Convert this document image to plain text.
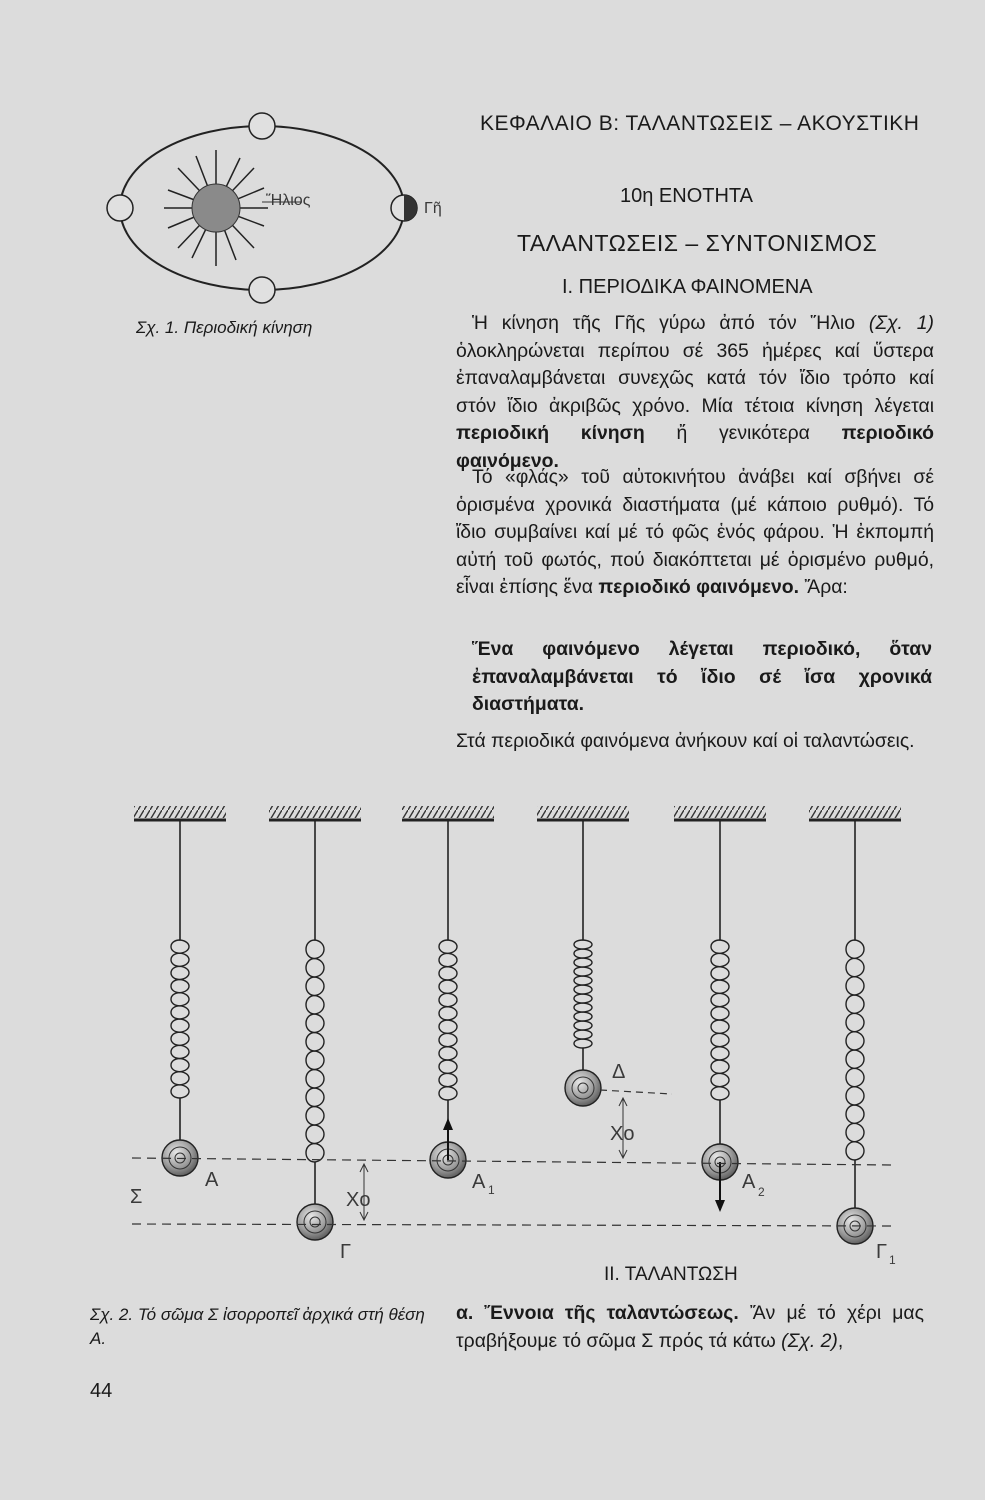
ΚΕΦΑΛΑΙΟ Β: ΤΑΛΑΝΤΩΣΕΙΣ – ΑΚΟΥΣΤΙΚΗ
10η ΕΝΟΤΗΤΑ
ΤΑΛΑΝΤΩΣΕΙΣ – ΣΥΝΤΟΝΙΣΜΟΣ
Ι. ΠΕΡΙΟΔΙΚΑ ΦΑΙΝΟΜΕΝΑ

Ἡ κίνηση τῆς Γῆς γύρω ἀπό τόν Ἥλιο (Σχ. 1) ὁλοκληρώνεται περίπου σέ 365 ἡμέρες καί ὕστερα ἐπαναλαμβάνεται συνεχῶς κατά τόν ἴδιο τρόπο καί στόν ἴδιο ἀκριβῶς χρόνο. Μία τέτοια κίνηση λέγεται περιοδική κίνηση ἤ γενικότερα περιοδικό φαινόμενο.

Τό «φλάς» τοῦ αὐτοκινήτου ἀνάβει καί σβήνει σέ ὁρισμένα χρονικά διαστήματα (μέ κάποιο ρυθμό). Τό ἴδιο συμβαίνει καί μέ τό φῶς ἑνός φάρου. Ἡ ἐκπομπή αὐτή τοῦ φωτός, πού διακόπτεται μέ ὁρισμένο ρυθμό, εἶναι ἐπίσης ἕνα περιοδικό φαινόμενο. Ἄρα:

Ἕνα φαινόμενο λέγεται περιοδικό, ὅταν ἐπαναλαμβάνεται τό ἴδιο σέ ἴσα χρονικά διαστήματα.

Στά περιοδικά φαινόμενα ἀνήκουν καί οἱ ταλαντώσεις.

Σχ. 1. Περιοδική κίνηση
Σχ. 2. Τό σῶμα Σ ἰσορροπεῖ ἀρχικά στή θέση Α.
ΙΙ. ΤΑΛΑΝΤΩΣΗ
α. Ἔννοια τῆς ταλαντώσεως. Ἄν μέ τό χέρι μας τραβήξουμε τό σῶμα Σ πρός τά κάτω (Σχ. 2),
44
Ἥλιος	Γῆ
Σ
Α
Χο
Γ
Α 1
Δ
Χο
Α 2
Γ 1
